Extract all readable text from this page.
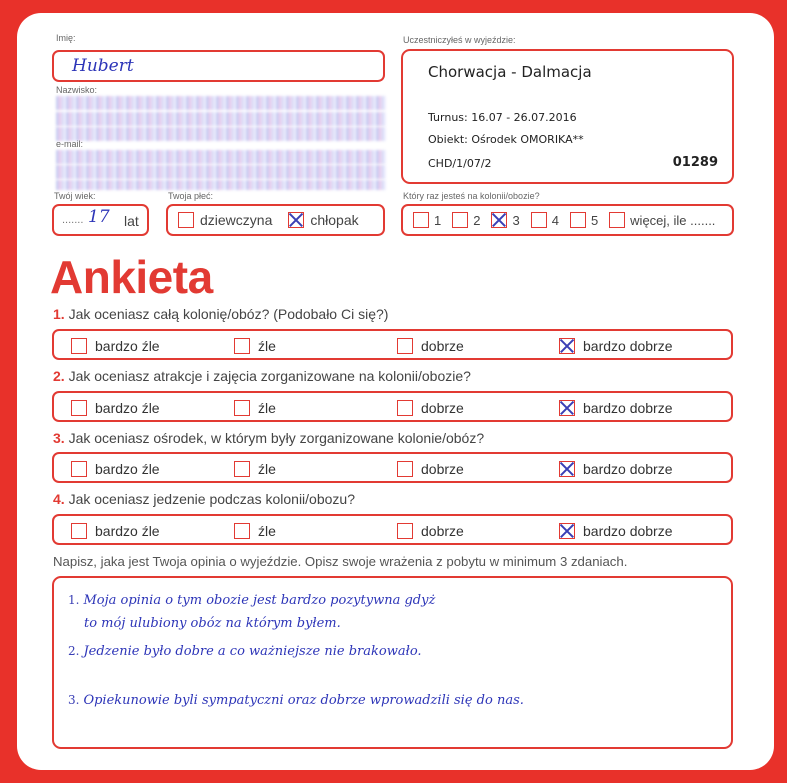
Imię:
Hubert
Nazwisko:
e-mail:
Twój wiek:
....... 17 lat
Twoja płeć:
dziewczyna	chłopak
Uczestniczyłeś w wyjeździe:
Chorwacja - Dalmacja
Turnus: 16.07 - 26.07.2016
Obiekt: Ośrodek OMORIKA**
CHD/1/07/2	01289
Który raz jesteś na kolonii/obozie?
1 2 3 4 5 więcej, ile .......
Ankieta
1. Jak oceniasz całą kolonię/obóz? (Podobało Ci się?)
bardzo źle	źle	dobrze	bardzo dobrze
2. Jak oceniasz atrakcje i zajęcia zorganizowane na kolonii/obozie?
bardzo źle	źle	dobrze	bardzo dobrze
3. Jak oceniasz ośrodek, w którym były zorganizowane kolonie/obóz?
bardzo źle	źle	dobrze	bardzo dobrze
4. Jak oceniasz jedzenie podczas kolonii/obozu?
bardzo źle	źle	dobrze	bardzo dobrze
Napisz, jaka jest Twoja opinia o wyjeździe. Opisz swoje wrażenia z pobytu w minimum 3 zdaniach.
1. Moja opinia o tym obozie jest bardzo pozytywna gdyż
to mój ulubiony obóz na którym byłem.
2. Jedzenie było dobre a co ważniejsze nie brakowało.
3. Opiekunowie byli sympatyczni oraz dobrze wprowadzili się do nas.
